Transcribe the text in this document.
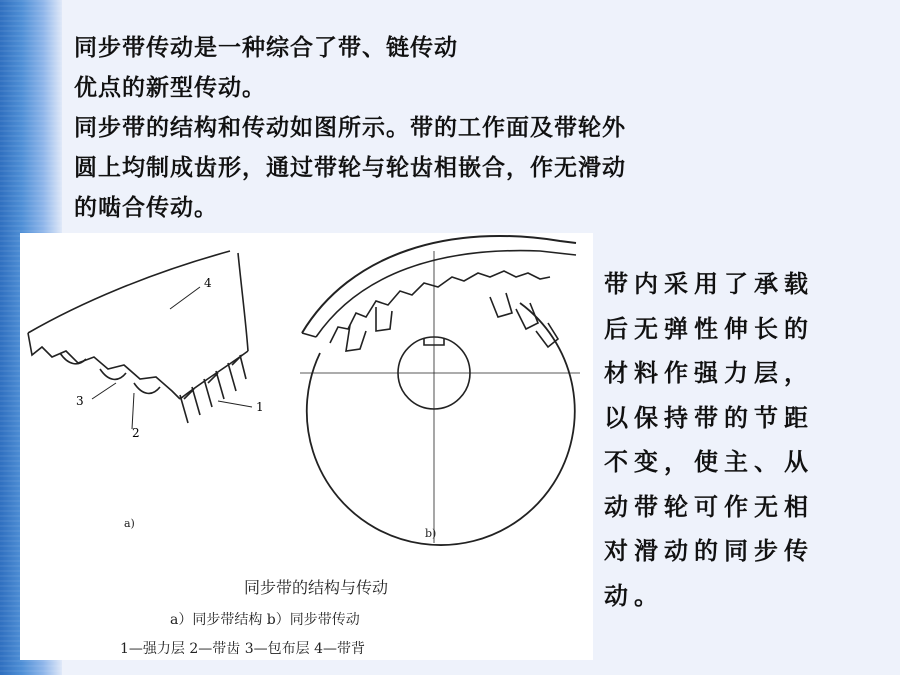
同步带传动是一种综合了带、链传动
优点的新型传动。
同步带的结构和传动如图所示。带的工作面及带轮外
圆上均制成齿形，通过带轮与轮齿相嵌合，作无滑动
的啮合传动。
4
1
3
2
a)
b)
同步带的结构与传动
a）同步带结构 b）同步带传动
1—强力层 2—带齿 3—包布层 4—带背
带内采用了承载
后无弹性伸长的
材料作强力层，
以保持带的节距
不变，使主、从
动带轮可作无相
对滑动的同步传
动。
